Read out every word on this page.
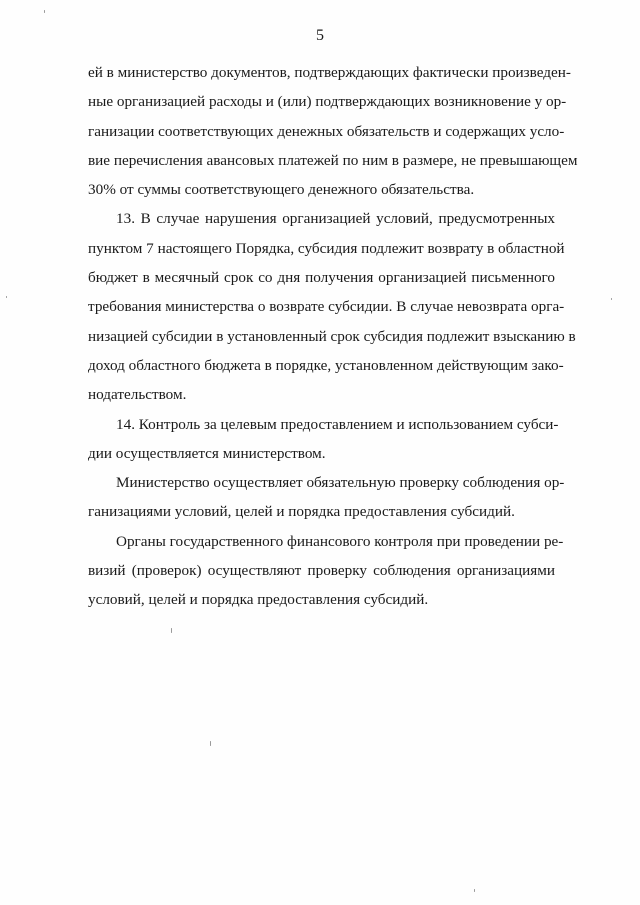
5
ей в министерство документов, подтверждающих фактически произведен-
ные организацией расходы и (или) подтверждающих возникновение у ор-
ганизации соответствующих денежных обязательств и содержащих усло-
вие перечисления авансовых платежей по ним в размере, не превышающем
30% от суммы соответствующего денежного обязательства.
13. В случае нарушения организацией условий, предусмотренных
пунктом 7 настоящего Порядка, субсидия подлежит возврату в областной
бюджет в месячный срок со дня получения организацией письменного
требования министерства о возврате субсидии. В случае невозврата орга-
низацией субсидии в установленный срок субсидия подлежит взысканию в
доход областного бюджета в порядке, установленном действующим зако-
нодательством.
14. Контроль за целевым предоставлением и использованием субси-
дии осуществляется министерством.
Министерство осуществляет обязательную проверку соблюдения ор-
ганизациями условий, целей и порядка предоставления субсидий.
Органы государственного финансового контроля при проведении ре-
визий (проверок) осуществляют проверку соблюдения организациями
условий, целей и порядка предоставления субсидий.
